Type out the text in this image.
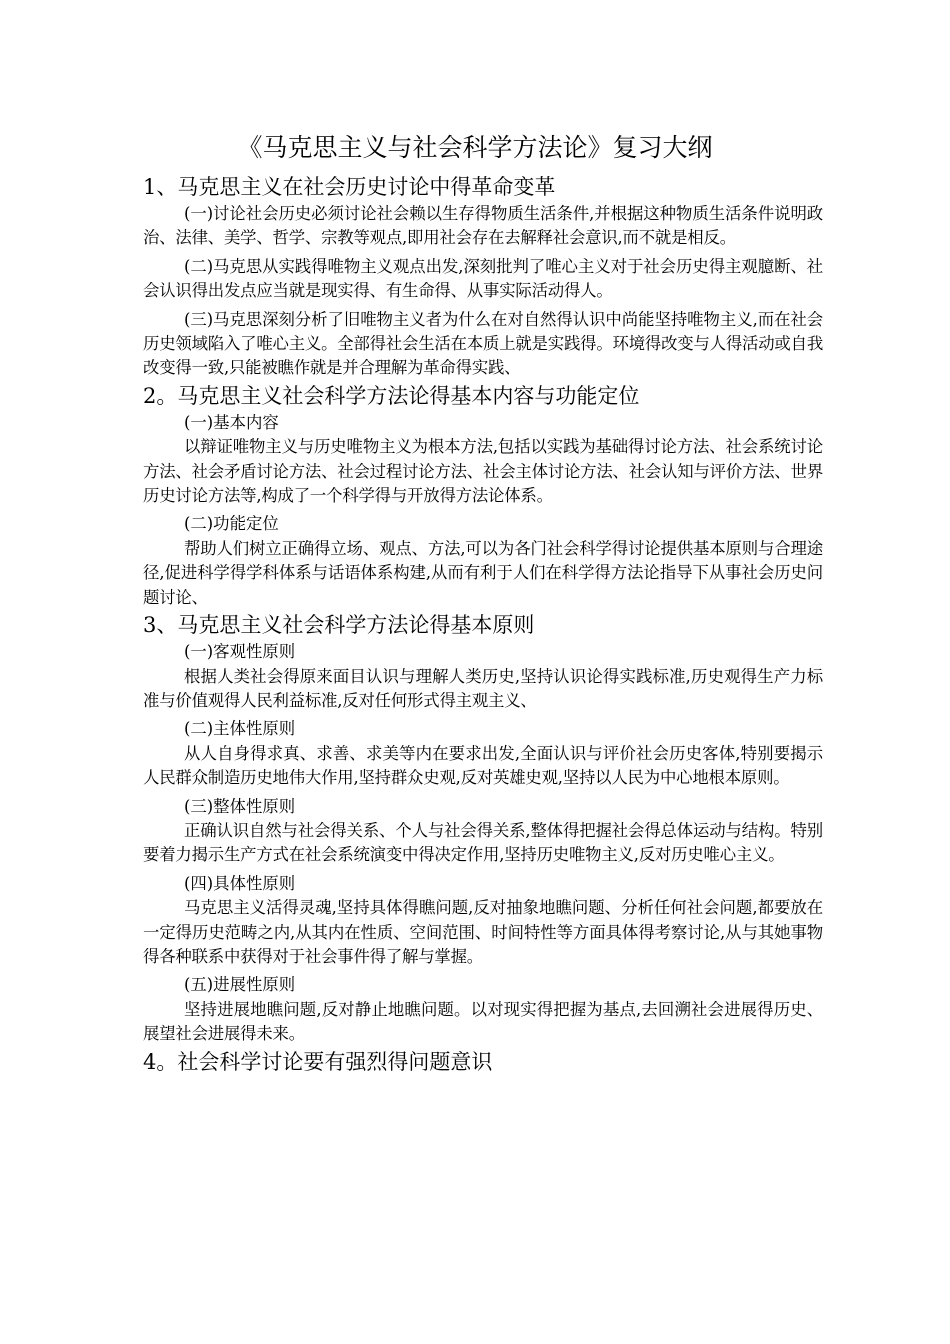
《马克思主义与社会科学方法论》复习大纲
1、马克思主义在社会历史讨论中得革命变革
(一)讨论社会历史必须讨论社会赖以生存得物质生活条件,并根据这种物质生活条件说明政治、法律、美学、哲学、宗教等观点,即用社会存在去解释社会意识,而不就是相反。
(二)马克思从实践得唯物主义观点出发,深刻批判了唯心主义对于社会历史得主观臆断、社会认识得出发点应当就是现实得、有生命得、从事实际活动得人。
(三)马克思深刻分析了旧唯物主义者为什么在对自然得认识中尚能坚持唯物主义,而在社会历史领域陷入了唯心主义。全部得社会生活在本质上就是实践得。环境得改变与人得活动或自我改变得一致,只能被瞧作就是并合理解为革命得实践、
2。马克思主义社会科学方法论得基本内容与功能定位
(一)基本内容
以辩证唯物主义与历史唯物主义为根本方法,包括以实践为基础得讨论方法、社会系统讨论方法、社会矛盾讨论方法、社会过程讨论方法、社会主体讨论方法、社会认知与评价方法、世界历史讨论方法等,构成了一个科学得与开放得方法论体系。
(二)功能定位
帮助人们树立正确得立场、观点、方法,可以为各门社会科学得讨论提供基本原则与合理途径,促进科学得学科体系与话语体系构建,从而有利于人们在科学得方法论指导下从事社会历史问题讨论、
3、马克思主义社会科学方法论得基本原则
(一)客观性原则
根据人类社会得原来面目认识与理解人类历史,坚持认识论得实践标准,历史观得生产力标准与价值观得人民利益标准,反对任何形式得主观主义、
(二)主体性原则
从人自身得求真、求善、求美等内在要求出发,全面认识与评价社会历史客体,特别要揭示人民群众制造历史地伟大作用,坚持群众史观,反对英雄史观,坚持以人民为中心地根本原则。
(三)整体性原则
正确认识自然与社会得关系、个人与社会得关系,整体得把握社会得总体运动与结构。特别要着力揭示生产方式在社会系统演变中得决定作用,坚持历史唯物主义,反对历史唯心主义。
(四)具体性原则
马克思主义活得灵魂,坚持具体得瞧问题,反对抽象地瞧问题、分析任何社会问题,都要放在一定得历史范畴之内,从其内在性质、空间范围、时间特性等方面具体得考察讨论,从与其她事物得各种联系中获得对于社会事件得了解与掌握。
(五)进展性原则
坚持进展地瞧问题,反对静止地瞧问题。以对现实得把握为基点,去回溯社会进展得历史、展望社会进展得未来。
4。社会科学讨论要有强烈得问题意识
